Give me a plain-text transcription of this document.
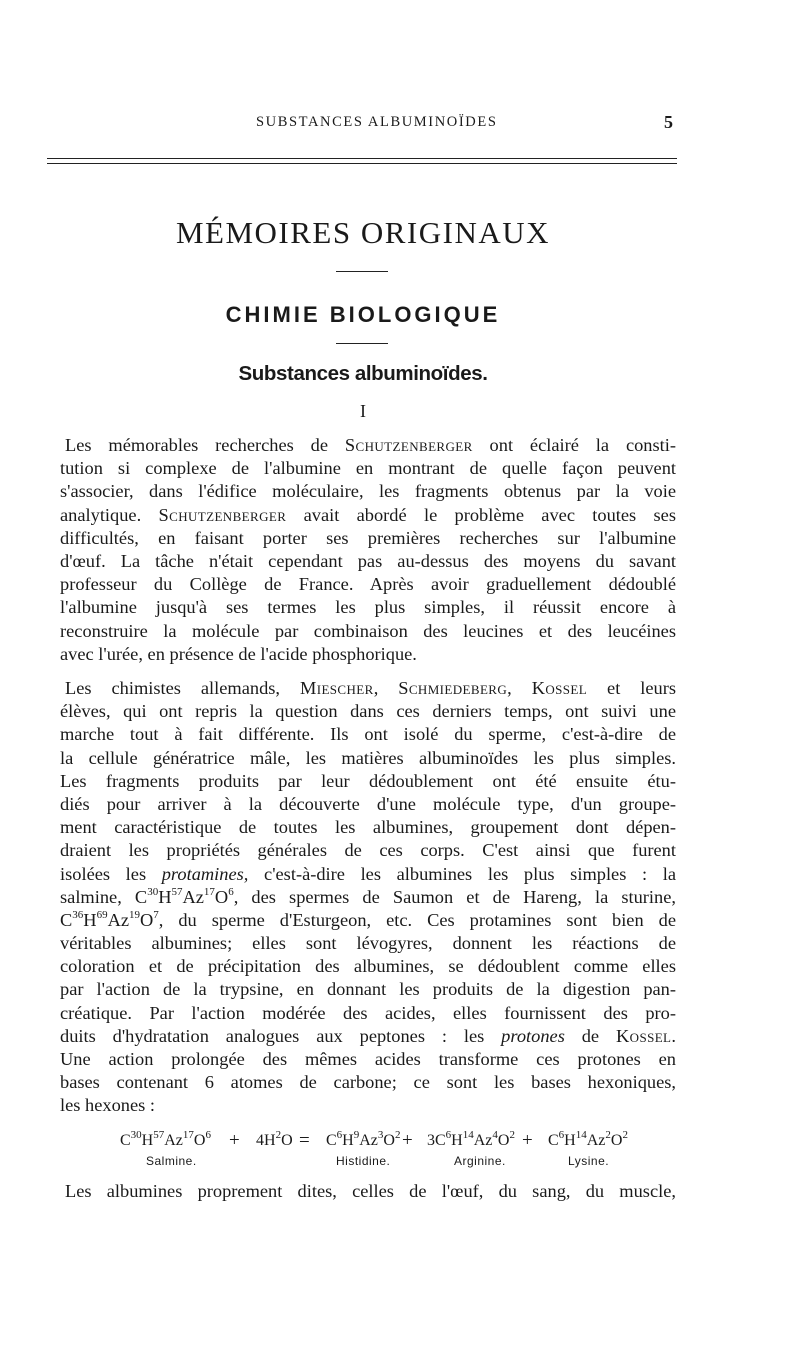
SUBSTANCES ALBUMINOÏDES	5
MÉMOIRES ORIGINAUX
CHIMIE BIOLOGIQUE
Substances albuminoïdes.
I
Les mémorables recherches de Schutzenberger ont éclairé la consti-
tution si complexe de l'albumine en montrant de quelle façon peuvent
s'associer, dans l'édifice moléculaire, les fragments obtenus par la voie
analytique. Schutzenberger avait abordé le problème avec toutes ses
difficultés, en faisant porter ses premières recherches sur l'albumine
d'œuf. La tâche n'était cependant pas au-dessus des moyens du savant
professeur du Collège de France. Après avoir graduellement dédoublé
l'albumine jusqu'à ses termes les plus simples, il réussit encore à
reconstruire la molécule par combinaison des leucines et des leucéines
avec l'urée, en présence de l'acide phosphorique.
Les chimistes allemands, Miescher, Schmiedeberg, Kossel et leurs
élèves, qui ont repris la question dans ces derniers temps, ont suivi une
marche tout à fait différente. Ils ont isolé du sperme, c'est-à-dire de
la cellule génératrice mâle, les matières albuminoïdes les plus simples.
Les fragments produits par leur dédoublement ont été ensuite étu-
diés pour arriver à la découverte d'une molécule type, d'un groupe-
ment caractéristique de toutes les albumines, groupement dont dépen-
draient les propriétés générales de ces corps. C'est ainsi que furent
isolées les protamines, c'est-à-dire les albumines les plus simples : la
salmine, $C^{30}H^{57}Az^{17}O^6$, des spermes de Saumon et de Hareng, la sturine,
$C^{36}H^{69}Az^{19}O^7$, du sperme d'Esturgeon, etc. Ces protamines sont bien de
véritables albumines; elles sont lévogyres, donnent les réactions de
coloration et de précipitation des albumines, se dédoublent comme elles
par l'action de la trypsine, en donnant les produits de la digestion pan-
créatique. Par l'action modérée des acides, elles fournissent des pro-
duits d'hydratation analogues aux peptones : les protones de Kossel.
Une action prolongée des mêmes acides transforme ces protones en
bases contenant 6 atomes de carbone; ce sont les bases hexoniques,
les hexones :
$C^{30}H^{57}Az^{17}O^6 + 4H^2O = C^6H^9Az^3O^2 + 3C^6H^{14}Az^4O^2 + C^6H^{14}Az^2O^2$
Salmine.	Histidine.	Arginine.	Lysine.
Les albumines proprement dites, celles de l'œuf, du sang, du muscle,
